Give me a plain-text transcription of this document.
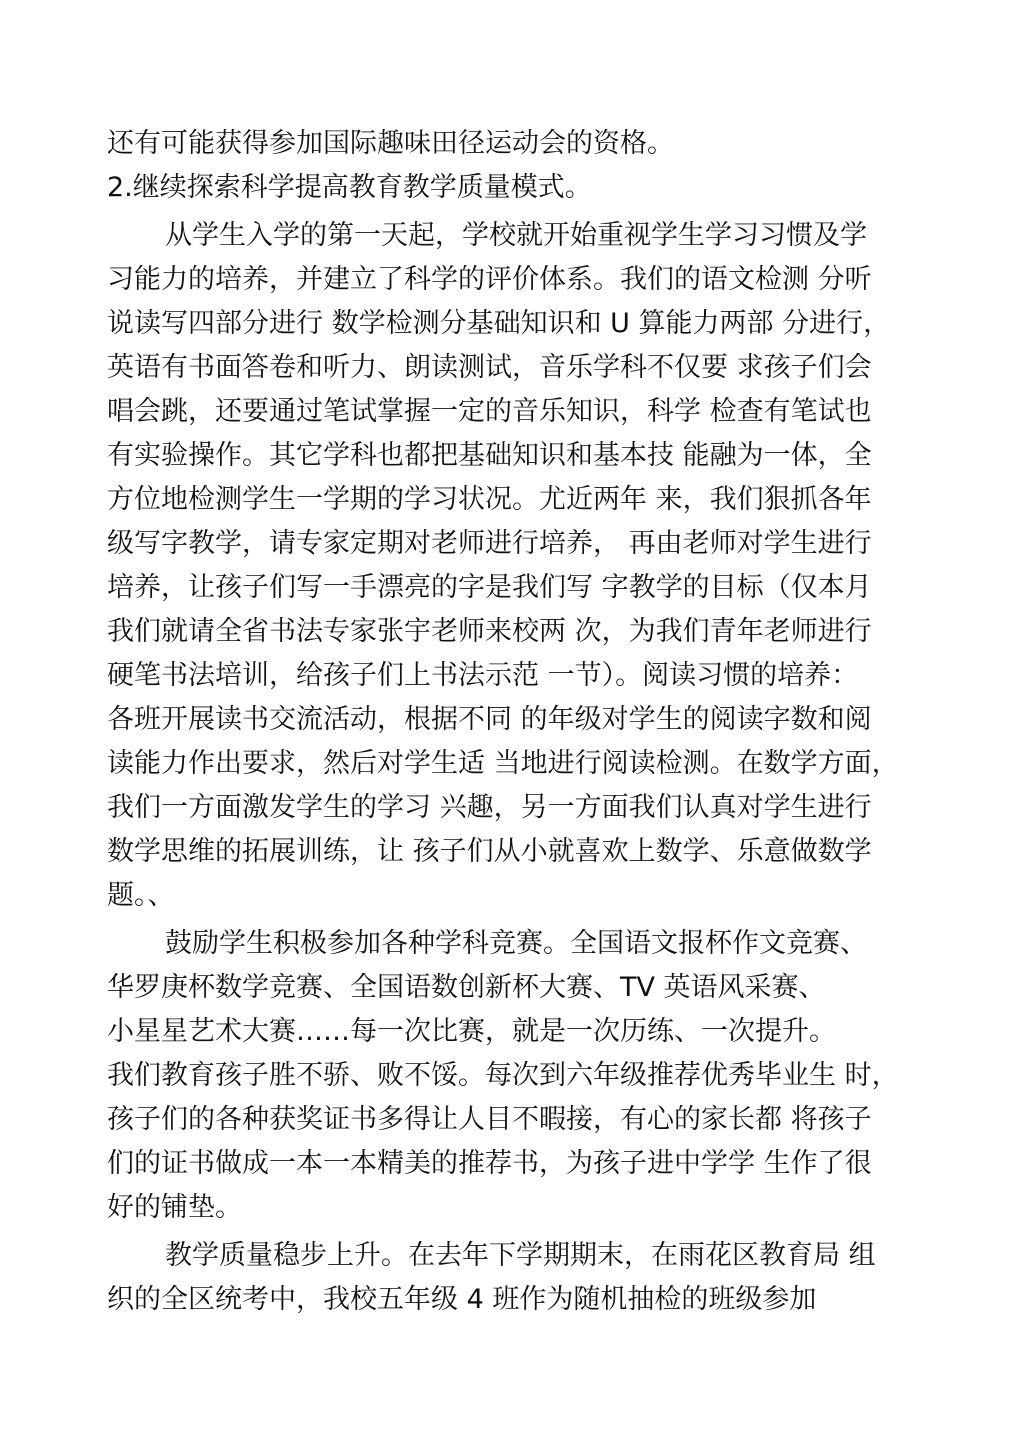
还有可能获得参加国际趣味田径运动会的资格。
2.继续探索科学提高教育教学质量模式。
从学生入学的第一天起，学校就开始重视学生学习习惯及学
习能力的培养，并建立了科学的评价体系。我们的语文检测 分听
说读写四部分进行 数学检测分基础知识和 U 算能力两部 分进行，
英语有书面答卷和听力、朗读测试，音乐学科不仅要 求孩子们会
唱会跳，还要通过笔试掌握一定的音乐知识，科学 检查有笔试也
有实验操作。其它学科也都把基础知识和基本技 能融为一体，全
方位地检测学生一学期的学习状况。尤近两年 来，我们狠抓各年
级写字教学，请专家定期对老师进行培养， 再由老师对学生进行
培养，让孩子们写一手漂亮的字是我们写 字教学的目标（仅本月
我们就请全省书法专家张宇老师来校两 次，为我们青年老师进行
硬笔书法培训，给孩子们上书法示范 一节）。阅读习惯的培养：
各班开展读书交流活动，根据不同 的年级对学生的阅读字数和阅
读能力作出要求，然后对学生适 当地进行阅读检测。在数学方面，
我们一方面激发学生的学习 兴趣，另一方面我们认真对学生进行
数学思维的拓展训练，让 孩子们从小就喜欢上数学、乐意做数学
题。、
鼓励学生积极参加各种学科竞赛。全国语文报杯作文竞赛、
华罗庚杯数学竞赛、全国语数创新杯大赛、TV 英语风采赛、
小星星艺术大赛……每一次比赛，就是一次历练、一次提升。
我们教育孩子胜不骄、败不馁。每次到六年级推荐优秀毕业生 时，
孩子们的各种获奖证书多得让人目不暇接，有心的家长都 将孩子
们的证书做成一本一本精美的推荐书，为孩子进中学学 生作了很
好的铺垫。
教学质量稳步上升。在去年下学期期末，在雨花区教育局 组
织的全区统考中，我校五年级 4 班作为随机抽检的班级参加
